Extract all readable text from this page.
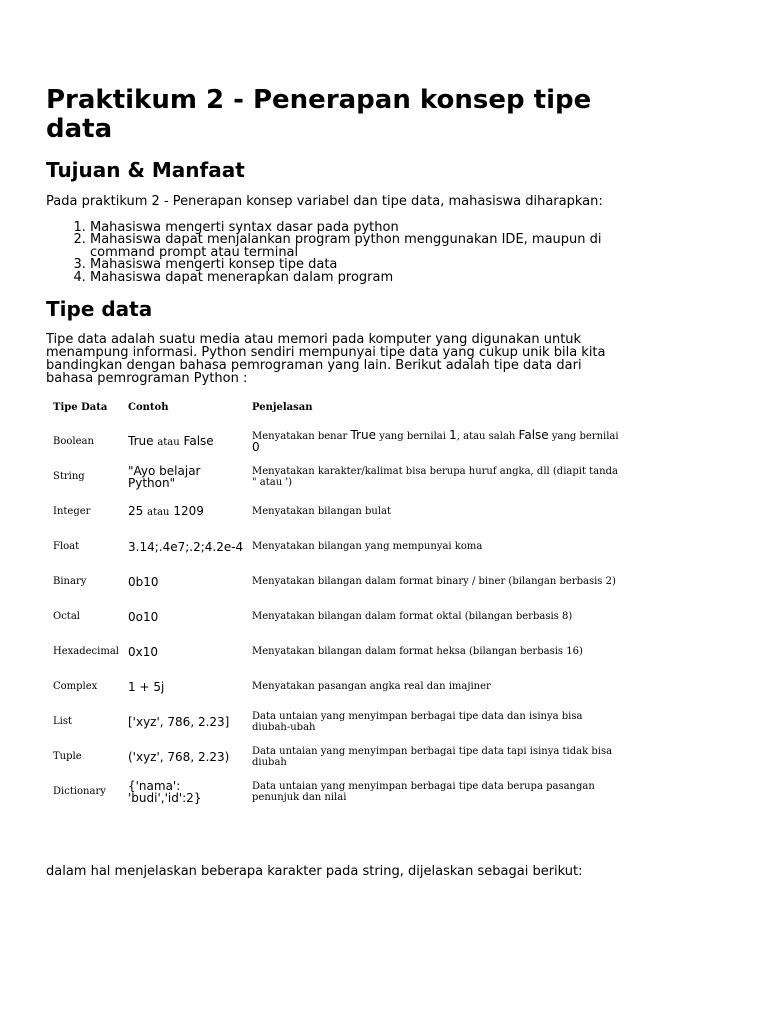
Praktikum 2 - Penerapan konsep tipe data
Tujuan & Manfaat

Pada praktikum 2 - Penerapan konsep variabel dan tipe data, mahasiswa diharapkan:

1. Mahasiswa mengerti syntax dasar pada python
2. Mahasiswa dapat menjalankan program python menggunakan IDE, maupun di command prompt atau terminal
3. Mahasiswa mengerti konsep tipe data
4. Mahasiswa dapat menerapkan dalam program
Tipe data

Tipe data adalah suatu media atau memori pada komputer yang digunakan untuk menampung informasi. Python sendiri mempunyai tipe data yang cukup unik bila kita bandingkan dengan bahasa pemrograman yang lain. Berikut adalah tipe data dari bahasa pemrograman Python :

Tipe Data	Contoh	Penjelasan
Boolean	True atau False	Menyatakan benar True yang bernilai 1, atau salah False yang bernilai 0
String	"Ayo belajar Python"	Menyatakan karakter/kalimat bisa berupa huruf angka, dll (diapit tanda " atau ')
Integer	25 atau 1209	Menyatakan bilangan bulat
Float	3.14;.4e7;.2;4.2e-4	Menyatakan bilangan yang mempunyai koma
Binary	0b10	Menyatakan bilangan dalam format binary / biner (bilangan berbasis 2)
Octal	0o10	Menyatakan bilangan dalam format oktal (bilangan berbasis 8)
Hexadecimal	0x10	Menyatakan bilangan dalam format heksa (bilangan berbasis 16)
Complex	1 + 5j	Menyatakan pasangan angka real dan imajiner
List	['xyz', 786, 2.23]	Data untaian yang menyimpan berbagai tipe data dan isinya bisa diubah-ubah
Tuple	('xyz', 768, 2.23)	Data untaian yang menyimpan berbagai tipe data tapi isinya tidak bisa diubah
Dictionary	{'nama': 'budi','id':2}	Data untaian yang menyimpan berbagai tipe data berupa pasangan penunjuk dan nilai

dalam hal menjelaskan beberapa karakter pada string, dijelaskan sebagai berikut:
